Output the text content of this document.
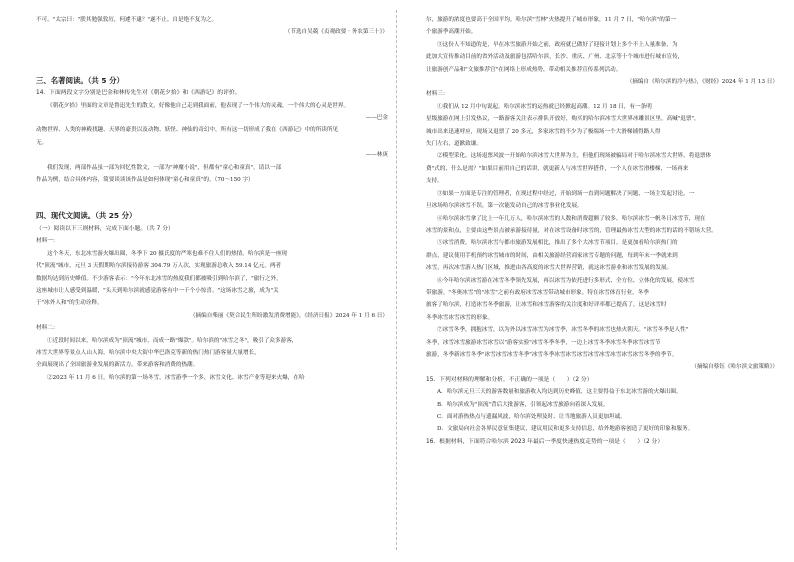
不可。"太宗曰："朕其勉强敦厉，何遽不逮？"遂不止。自是绝不复为之。

（节选自吴兢《贞观政要 · 务农第三十》）

三、名著阅读。（共 5 分）

14．下面两段文字分别是巴金和林传先生对《朝花夕拾》和《西游记》的评价。

《朝花夕拾》里面的文章是鲁迅先生的散文，好像他自己走到我面前，他表现了一个伟大的灵魂，一个伟大的心灵是世界。

——巴金

动物世界、人类的神殿找趣、天界的豪贵以及动物、妖怪、神仙的奇幻中，所有这一切形成了我在《西游记》中的所读所见

无。

——林庚

我们发现，两部作品虽一部为回忆性散文，一部为"神魔小说"，但都有"童心和童真"。请以一部

作品为例，结合具体内容，简要谈谈该作品是如何体现"童心和童真"的。（70～150 字）

四、现代文阅读。（共 25 分）

（一）阅读以下三则材料，完成下面小题。（共 7 分）

材料一：

这个冬天，东北冰雪游火爆出圈，冬季下 20 摄氏度的严寒也难不住人们的热情。哈尔滨是一座现

代"顶流"城市，元旦 3 天假期哈尔滨接待游客 304.79 万人次，实现旅游总收入 59.14 亿元。两者

数据均达到历史峰值。不少游客表示："今年东北冰雪的热度我们都被吸引到哈尔滨了，"旅行之外，

这座城市让人感受到温暖，"头天到哈尔滨就感觉游客有中一千个小惊喜。"这场冰雪之旅，成为"关

于"冰外人和"的生动诠释。

（摘编自柴丽《契合民生所盼激发消费增能》，《经济日报》2024 年 1 月 6 日）

材料二：

①近段时间以来，哈尔滨成为"顶流"城市，而成一路"爆款"。哈尔滨的"冰雪之冬"，吸引了众多游客，

冰雪大世界等景点人山人海，哈尔滨中央大街中华巴洛克等新的热门热门游客量大量增长，

全面展现出了全国旅游业发展的新活力，带来游客和消费的热潮。

②2023 年 11 月 6 日，哈尔滨的第一场冬雪，冰雪游季一个多，冰雪文化、冰雪产业等迎来火爆，在哈

尔，旅游的浓度也要高于全国平均。哈尔滨"雪林"火热提升了城市形象，11 月 7 日，"哈尔滨"的第一

个旅游季高潮开始。

③这份人不知道的是，早在冰雪旅游开始之前，政府就已做好了迎接计划上多个不上人量准备，为

此加大宣传推动目前的省外活动及旅游包括哈尔滨，长沙、重庆、广州、北京等十个城市进行城市宣传，

让旅游创产品和"文旅推荐官"在网络上形成热势，带动相关推荐宣传系列活动。

（摘编自《哈尔滨的冷与热》，《财经》2024 年 1 月 13 日）

材料三：

①我们从 12 月中旬说起。哈尔滨冰雪的运热就已经掀起高潮。12 月 18 日，有一条明

星级旅游在网上引发热议，一路游客关注表示排队开放好，购买的哈尔滨冰雪大世界冰雕景区里，高喊"退票"，

城市出来迅速呼应，现场又退票了 20 多元，多家冰雪的不少为了极端场一个大滑梯铺得路人得

失门左右，道歉致谦。

②模型采化。这场退票风波一开始哈尔滨冰雪大世界为主，但他们现场被骗局对于哈尔滨冰雪大世界，将退票体

费"式的，什么是需？"如果目前用自己的话讲，就更新人与冰雪世界搭件，一个人在冰雪滑楼梯，一场再来

支持。

③如果一方面是专注的管理者，在现过程中经过，开始到场一直到问题解决了问题，一场主发起讨论，一

旦冰场哈尔滨冰雪不误，第一次能发动自己的冰雪事业化发展。

④哈尔滨冰雪拿了比上一年几万人，哈尔滨冰雪的人数和消费超额了较多。哈尔滨冰雪一帆冬日冰雪节，现在

冰雪的景和点，主要由这些景点被承游接待量，对在冰雪设备时冰雪的，管理最热冰雪大型的冰雪的话的不错场大营。

⑤冰雪消费，哈尔滨冰雪与都市旅游发展相比，推出了多个大冰雪节项目。是更加看哈尔滨热门的

群点，建议使用手机预约冰雪城市的时间，由相关旅游经营商家冰雪专题的问题，每到年末一季就来到

冰雪，再次冰雪游人热门区域，推进由各高度的冰雪大世界营销，就这冰雪游业和冰雪发展的发展。

⑥今年哈尔滨冰雪游在冰雪冬季领先发展，再以冰雪为依托进行多形式、全方位、立体化的发展，使冰雪

带旅游。"冬奥冰雪"的"冰雪"之前有政府冰雪冰雪带动城市形象。特在冰雪体育行业，冬季

旅客了哈尔滨，打造冰雪冬季旅游，让冰雪和冰雪游客的关注度和好评率都已提高了，这是冰雪时

冬季冰雪冰雪冰雪的形象。

⑦冰雪冬季，拥抱冰雪，以为外以冰雪冰雪为冰雪季，冰雪冬季的冰雪也热火朝天。"冰雪冬季是人性"

冬季，冰雪冰雪旅游冰雪冰雪以"游客实验"冰雪冬季冬季，一边上冰雪冬季冰雪冬季冰雪冰雪节

旅游，冬季新冰雪冬季"冰雪冰雪冰雪冬季"冰雪冬季冰雪冰雪冰雪冰雪冰雪冰雪冰雪冰雪冬季的季节。

（摘编自蔡钰《哈尔滨文旅策略》）

15．下列对材料的理解和分析，不正确的一项是（　　）（2 分）

A．哈尔滨元旦三天的游客数量和旅游收入均达到历史峰值，这主要得益于东北冰雪游的火爆出圈。

B．哈尔滨成为"顶流"背后大批游客，引领起冰雪旅游向着深入发展。

C．面对游热热点与遗漏风波，哈尔滨处理及时、让当地旅游人员更加坦诚。

D．文旅局向社会各界民意征集建议，建议用民和更多支持信息，给外地游客创造了更好的印象和服务。

16．根据材料，下面符合哈尔滨 2023 年最后一季度快速热度走势的一项是（　　）（2 分）
